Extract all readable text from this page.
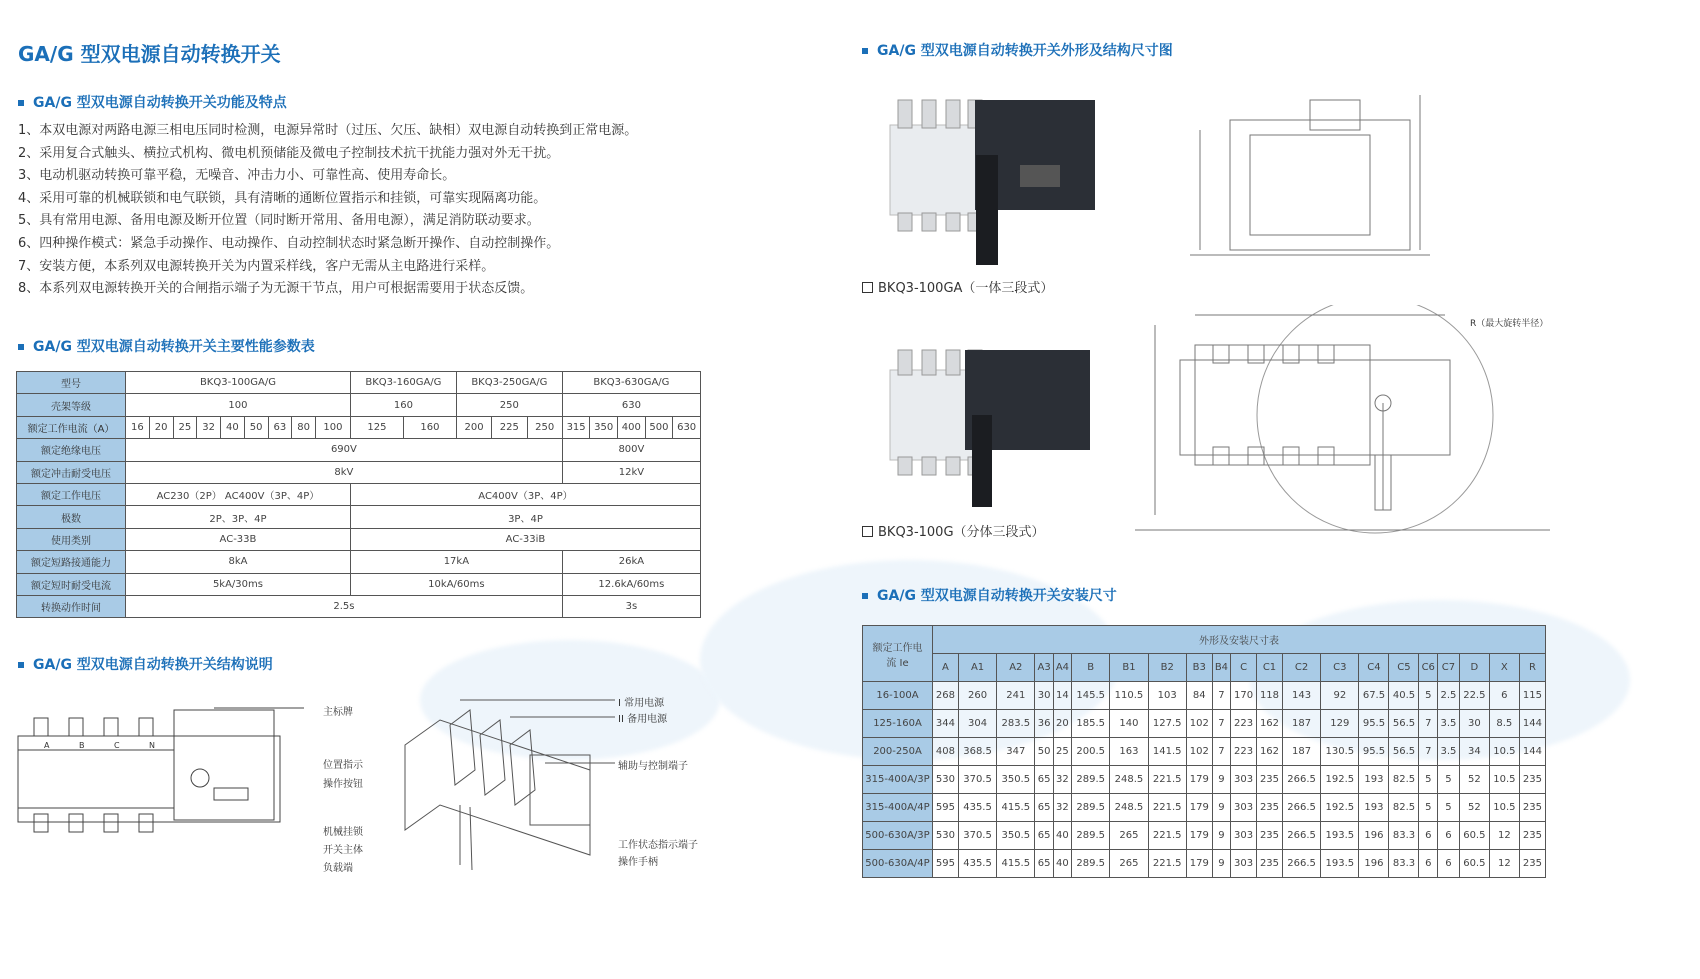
GA/G 型双电源自动转换开关
GA/G 型双电源自动转换开关功能及特点
1、本双电源对两路电源三相电压同时检测，电源异常时（过压、欠压、缺相）双电源自动转换到正常电源。
2、采用复合式触头、横拉式机构、微电机预储能及微电子控制技术抗干扰能力强对外无干扰。
3、电动机驱动转换可靠平稳，无噪音、冲击力小、可靠性高、使用寿命长。
4、采用可靠的机械联锁和电气联锁，具有清晰的通断位置指示和挂锁，可靠实现隔离功能。
5、具有常用电源、备用电源及断开位置（同时断开常用、备用电源），满足消防联动要求。
6、四种操作模式：紧急手动操作、电动操作、自动控制状态时紧急断开操作、自动控制操作。
7、安装方便，本系列双电源转换开关为内置采样线，客户无需从主电路进行采样。
8、本系列双电源转换开关的合闸指示端子为无源干节点，用户可根据需要用于状态反馈。
GA/G 型双电源自动转换开关主要性能参数表
型号	BKQ3-100GA/G									BKQ3-160GA/G		BKQ3-250GA/G			BKQ3-630GA/G				
壳架等级	100									160		250			630				
额定工作电流（A）	16	20	25	32	40	50	63	80	100	125	160	200	225	250	315	350	400	500	630
额定绝缘电压	690V														800V				
额定冲击耐受电压	8kV														12kV				
额定工作电压	AC230（2P） AC400V（3P、4P）									AC400V（3P、4P）									
极数	2P、3P、4P									3P、4P									
使用类别	AC-33B									AC-33iB									
额定短路接通能力	8kA									17kA					26kA				
额定短时耐受电流	5kA/30ms									10kA/60ms					12.6kA/60ms				
转换动作时间	2.5s														3s				
GA/G 型双电源自动转换开关结构说明
A	B	C	N
主标牌
位置指示
操作按钮
机械挂锁
开关主体
负载端
I 常用电源
II 备用电源
辅助与控制端子
工作状态指示端子
操作手柄
GA/G 型双电源自动转换开关外形及结构尺寸图
BKQ3-100GA（一体三段式）
BKQ3-100G（分体三段式）
R（最大旋转半径）
GA/G 型双电源自动转换开关安装尺寸
额定工作电流 Ie	外形及安装尺寸表																				
	A	A1	A2	A3	A4	B	B1	B2	B3	B4	C	C1	C2	C3	C4	C5	C6	C7	D	X	R
16-100A	268	260	241	30	14	145.5	110.5	103	84	7	170	118	143	92	67.5	40.5	5	2.5	22.5	6	115
125-160A	344	304	283.5	36	20	185.5	140	127.5	102	7	223	162	187	129	95.5	56.5	7	3.5	30	8.5	144
200-250A	408	368.5	347	50	25	200.5	163	141.5	102	7	223	162	187	130.5	95.5	56.5	7	3.5	34	10.5	144
315-400A/3P	530	370.5	350.5	65	32	289.5	248.5	221.5	179	9	303	235	266.5	192.5	193	82.5	5	5	52	10.5	235
315-400A/4P	595	435.5	415.5	65	32	289.5	248.5	221.5	179	9	303	235	266.5	192.5	193	82.5	5	5	52	10.5	235
500-630A/3P	530	370.5	350.5	65	40	289.5	265	221.5	179	9	303	235	266.5	193.5	196	83.3	6	6	60.5	12	235
500-630A/4P	595	435.5	415.5	65	40	289.5	265	221.5	179	9	303	235	266.5	193.5	196	83.3	6	6	60.5	12	235
